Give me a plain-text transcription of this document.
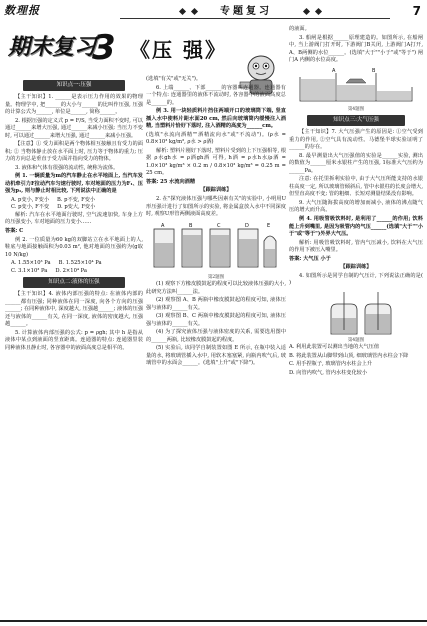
数理报	专题复习	7
期末复习
3 《压 强》
知识点一:压强

【主干知识】1. ______是表示压力作用的效果的物理量。物理学中, 把______的大小与______的比叫作压强, 压强的计算公式为______, 单位是______, 简称______。

2. 根据压强的定义式 p = F/S, 当受力面积不变时, 可以通过______来增大压强, 通过______来减小压强; 当压力不变时, 可以通过______来增大压强, 通过______来减小压强。

【注意】① 受力面积是两个物体相互接触且有受力的面积; ② 当物体静止放在水平面上时, 压力等于物体的重力; 压力的方向总是垂直于受力面并指向受力的物体。

3. 液体和气体有很强的流动性, 统称为流体。

例 1. 一辆质量为m的汽车静止在水平地面上, 当汽车发动机牵引力F拉动汽车匀速行驶时, 车对地面的压力为F₁、压强为p₁, 则与静止时相比较, 下列说法中正确的是

A. p变小, F变小 B. p不变, F变小
C. p变小, F不变 D. p变大, F变小

解析: 汽车在水平地面行驶时, 空气流速加快, 车身上方的压强变小, 车对地面的压力变小……

答案: C

例 2. 一位质量为60 kg的双脚站立在水平地面上的人, 鞋底与地面接触面积为0.03 m², 他对地面的压强约为(g取10 N/kg)

A. 1.55×10³ Pa B. 1.525×10⁴ Pa
C. 3.1×10³ Pa D. 2×10⁴ Pa
知识点二:液体的压强

【主干知识】4. 液体内部压强的特点: 在液体内部的______都有压强; 同种液体在同一深度, 向各个方向的压强______; 在同种液体中, 深度越大, 压强越______; 液体的压强还与液体的______有关, 在同一深度, 液体的密度越大, 压强越______。

5. 计算液体内部压强的公式: p = ρgh; 其中 h 是指从液体中某点到液面的竖直距离。连通器的特点: 连通器里装同种液体且静止时, 各容器中的液面高度总是相平的。

(选填"有关"或"无关")。

6. 上端______、下部______的容器叫连通器。连通器有一个特点: 连通器里的液体不流动时, 各容器中的液面高度总是______的。

例 3. 用一块轻质料片挡住两端开口的玻璃筒下端, 竖直插入水中使料片距水面20 cm, 然后向玻璃筒内缓慢注入酒精, 当塑料片恰好下落时, 注入酒精的高度为______cm。

(选填"水流向酒精""酒精流向水"或"不流动")。(ρ水 = 0.8×10³ kg/m³, ρ水 > ρ酒)

解析: 塑料片刚好下落时, 塑料片受到的上下压强相等, 根据 ρ水gh水 = ρ酒gh酒 可得, h酒 = ρ水h水/ρ酒 = 1.0×10³ kg/m³ × 0.2 m / 0.8×10³ kg/m³ = 0.25 m = 25 cm。

答案: 25 水流向酒精

【跟踪训练】

2. 在"探究液体压强与哪些因素有关"的实验中, 小明用U形压强计进行了如图所示的实验, 将金属盒放入水中不同深度时, 观察U形管两侧液面高度差。

A	B	C	D	E
第2题图

(1) 观察下方橡皮膜鼓起的程度可以比较液体压强的大小, 此研究方法叫______法。

(2) 观察图 A、B 两瓶中橡皮膜鼓起的程度可知, 液体压强与液体的______有关。

(3) 观察图 B、C 两瓶中橡皮膜鼓起的程度可知, 液体压强与液体的______有关。

(4) 为了探究液体压强与液体密度的关系, 需要选用图中的______两瓶, 比较橡皮膜鼓起的程度。

(5) 实验后, 该同学自制装置如图 E 所示, 在瓶中装入适量的水, 将玻璃管插入水中, 用软木塞塞紧, 向瓶内吹气后, 玻璃管中的水面会______。(选填"上升"或"下降")。

的液面。

3. 船闸是根据______原理建造的。如图所示, 在船闸中, 当上游阀门打开时, 下游阀门B关闭, 上游阀门A打开, A、B两侧的水位______。(选填"大于""小于"或"等于") 闸门A 内侧的水位高度。

A	B
第4题图
知识点三:大气压强

【主干知识】7. 大气压强产生的原因是: ①空气受到重力的作用, ②空气具有流动性。马德堡半球实验证明了______的存在。

8. 最早测量出大气压强值的实验是______实验, 测出的数值为______厘米水银柱产生的压强, 1标准大气压约为______Pa。

注意: 在托里拆利实验中, 由于大气压所能支持的水银柱高度一定, 所以玻璃管倾斜后, 管中水银柱的长度会增大, 但竖直高度不变; 管的粗细、长短对测量结果没有影响。

9. 大气压随海拔高度的增加而减小, 液体的沸点随气压的增大而升高。

例 4. 用吸管吸饮料时, 是利用了______的作用; 饮料能上升到嘴里, 是因为吸管内的气压______(选填"大于""小于"或"等于")外界大气压。

解析: 用吸管吸饮料时, 管内气压减小, 饮料在大气压的作用下被压入嘴里。

答案: 大气压 小于

【跟踪训练】

4. 如图所示是同学自制的气压计, 下列说法正确的是( )

第4题图

A. 利用此装置可以测出当地的大气压值

B. 将此装置从山脚带到山顶, 细玻璃管内水柱会下降

C. 用手捏瓶子, 玻璃管内水柱会上升

D. 向管内吹气, 管内水柱变化较小
